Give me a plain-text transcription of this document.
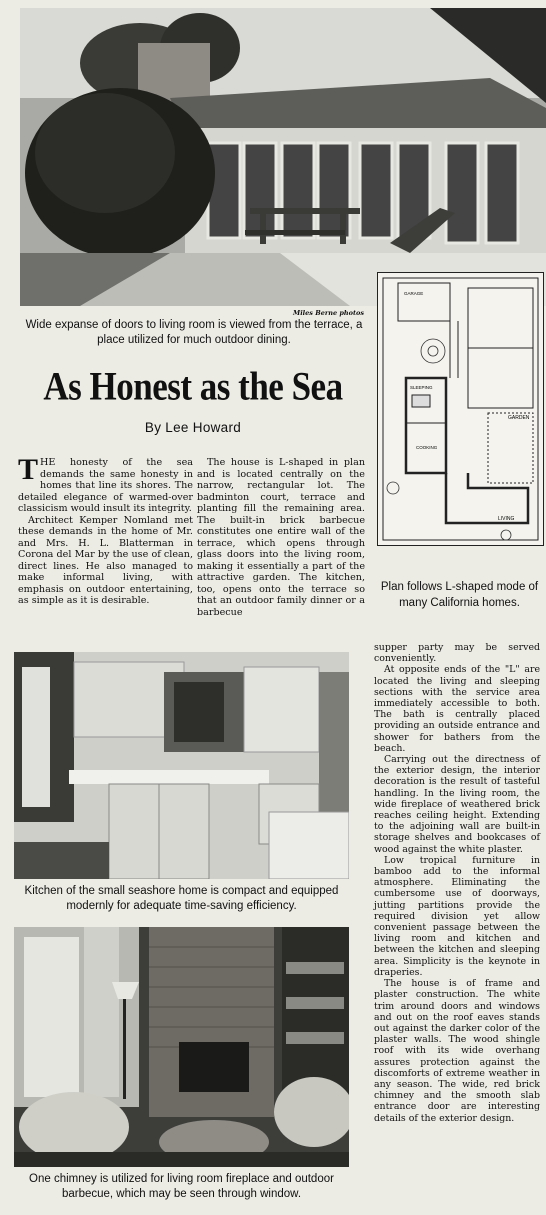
Miles Berne photos
Wide expanse of doors to living room is viewed from the terrace, a place utilized for much outdoor dining.
GARAGE
SLEEPING
COOKING
GARDEN
LIVING
Plan follows L-shaped mode of many California homes.
As Honest as the Sea
By Lee Howard

THE honesty of the sea demands the same honesty in homes that line its shores. The detailed elegance of warmed-over classicism would insult its integrity.

Architect Kemper Nomland met these demands in the home of Mr. and Mrs. H. L. Blatterman in Corona del Mar by the use of clean, direct lines. He also managed to make informal living, with emphasis on outdoor entertaining, as simple as it is desirable.

The house is L-shaped in plan and is located centrally on the narrow, rectangular lot. The badminton court, terrace and planting fill the remaining area. The built-in brick barbecue constitutes one entire wall of the terrace, which opens through glass doors into the living room, making it essentially a part of the attractive garden. The kitchen, too, opens onto the terrace so that an outdoor family dinner or a barbecue

supper party may be served conveniently.

At opposite ends of the "L" are located the living and sleeping sections with the service area immediately accessible to both. The bath is centrally placed providing an outside entrance and shower for bathers from the beach.

Carrying out the directness of the exterior design, the interior decoration is the result of tasteful handling. In the living room, the wide fireplace of weathered brick reaches ceiling height. Extending to the adjoining wall are built-in storage shelves and bookcases of wood against the white plaster.

Low tropical furniture in bamboo add to the informal atmosphere. Eliminating the cumbersome use of doorways, jutting partitions provide the required division yet allow convenient passage between the living room and kitchen and between the kitchen and sleeping area. Simplicity is the keynote in draperies.

The house is of frame and plaster construction. The white trim around doors and windows and out on the roof eaves stands out against the darker color of the plaster walls. The wood shingle roof with its wide overhang assures protection against the discomforts of extreme weather in any season. The wide, red brick chimney and the smooth slab entrance door are interesting details of the exterior design.

Kitchen of the small seashore home is compact and equipped modernly for adequate time-saving efficiency.
One chimney is utilized for living room fireplace and outdoor barbecue, which may be seen through window.
